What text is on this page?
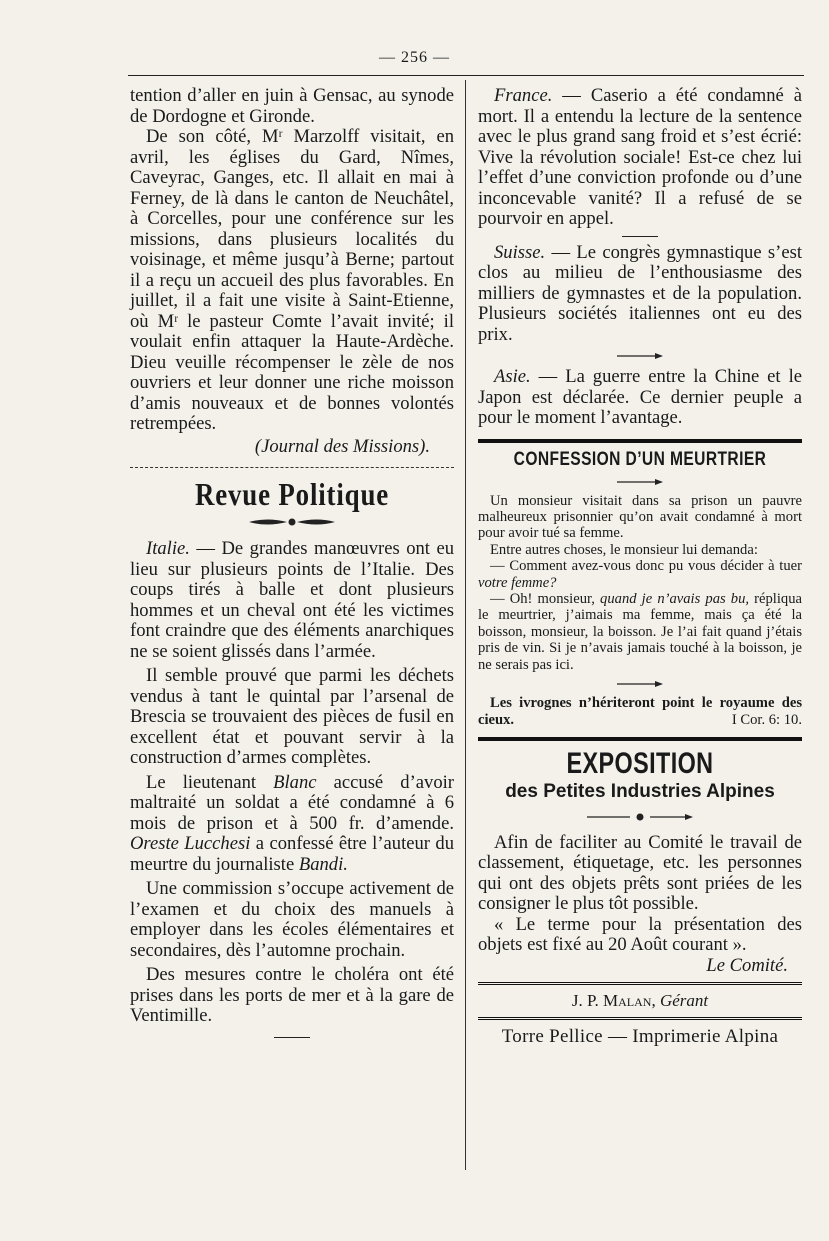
— 256 —

tention d’aller en juin à Gensac, au synode de Dordogne et Gironde.

De son côté, Mʳ Marzolff visitait, en avril, les églises du Gard, Nîmes, Caveyrac, Ganges, etc. Il allait en mai à Ferney, de là dans le canton de Neuchâtel, à Corcelles, pour une conférence sur les missions, dans plusieurs localités du voisinage, et même jusqu’à Berne; partout il a reçu un accueil des plus favorables. En juillet, il a fait une visite à Saint-Etienne, où Mʳ le pasteur Comte l’avait invité; il voulait enfin attaquer la Haute-Ardèche. Dieu veuille récompenser le zèle de nos ouvriers et leur donner une riche moisson d’amis nouveaux et de bonnes volontés retrempées.

(Journal des Missions).

Revue Politique

Italie. — De grandes manœuvres ont eu lieu sur plusieurs points de l’Italie. Des coups tirés à balle et dont plusieurs hommes et un cheval ont été les victimes font craindre que des éléments anarchiques ne se soient glissés dans l’armée.

Il semble prouvé que parmi les déchets vendus à tant le quintal par l’arsenal de Brescia se trouvaient des pièces de fusil en excellent état et pouvant servir à la construction d’armes complètes.

Le lieutenant Blanc accusé d’avoir maltraité un soldat a été condamné à 6 mois de prison et à 500 fr. d’amende. Oreste Lucchesi a confessé être l’auteur du meurtre du journaliste Bandi.

Une commission s’occupe activement de l’examen et du choix des manuels à employer dans les écoles élémentaires et secondaires, dès l’automne prochain.

Des mesures contre le choléra ont été prises dans les ports de mer et à la gare de Ventimille.

France. — Caserio a été condamné à mort. Il a entendu la lecture de la sentence avec le plus grand sang froid et s’est écrié: Vive la révolution sociale! Est-ce chez lui l’effet d’une conviction profonde ou d’une inconcevable vanité? Il a refusé de se pourvoir en appel.

Suisse. — Le congrès gymnastique s’est clos au milieu de l’enthousiasme des milliers de gymnastes et de la population. Plusieurs sociétés italiennes ont eu des prix.

Asie. — La guerre entre la Chine et le Japon est déclarée. Ce dernier peuple a pour le moment l’avantage.

CONFESSION D’UN MEURTRIER

Un monsieur visitait dans sa prison un pauvre malheureux prisonnier qu’on avait condamné à mort pour avoir tué sa femme.

Entre autres choses, le monsieur lui demanda:

— Comment avez-vous donc pu vous décider à tuer votre femme?

— Oh! monsieur, quand je n’avais pas bu, répliqua le meurtrier, j’aimais ma femme, mais ça été la boisson, monsieur, la boisson. Je l’ai fait quand j’étais pris de vin. Si je n’avais jamais touché à la boisson, je ne serais pas ici.

Les ivrognes n’hériteront point le royaume des cieux.	I Cor. 6: 10.

EXPOSITION
des Petites Industries Alpines

Afin de faciliter au Comité le travail de classement, étiquetage, etc. les personnes qui ont des objets prêts sont priées de les consigner le plus tôt possible.

« Le terme pour la présentation des objets est fixé au 20 Août courant ».

Le Comité.

J. P. Malan, Gérant
Torre Pellice — Imprimerie Alpina
